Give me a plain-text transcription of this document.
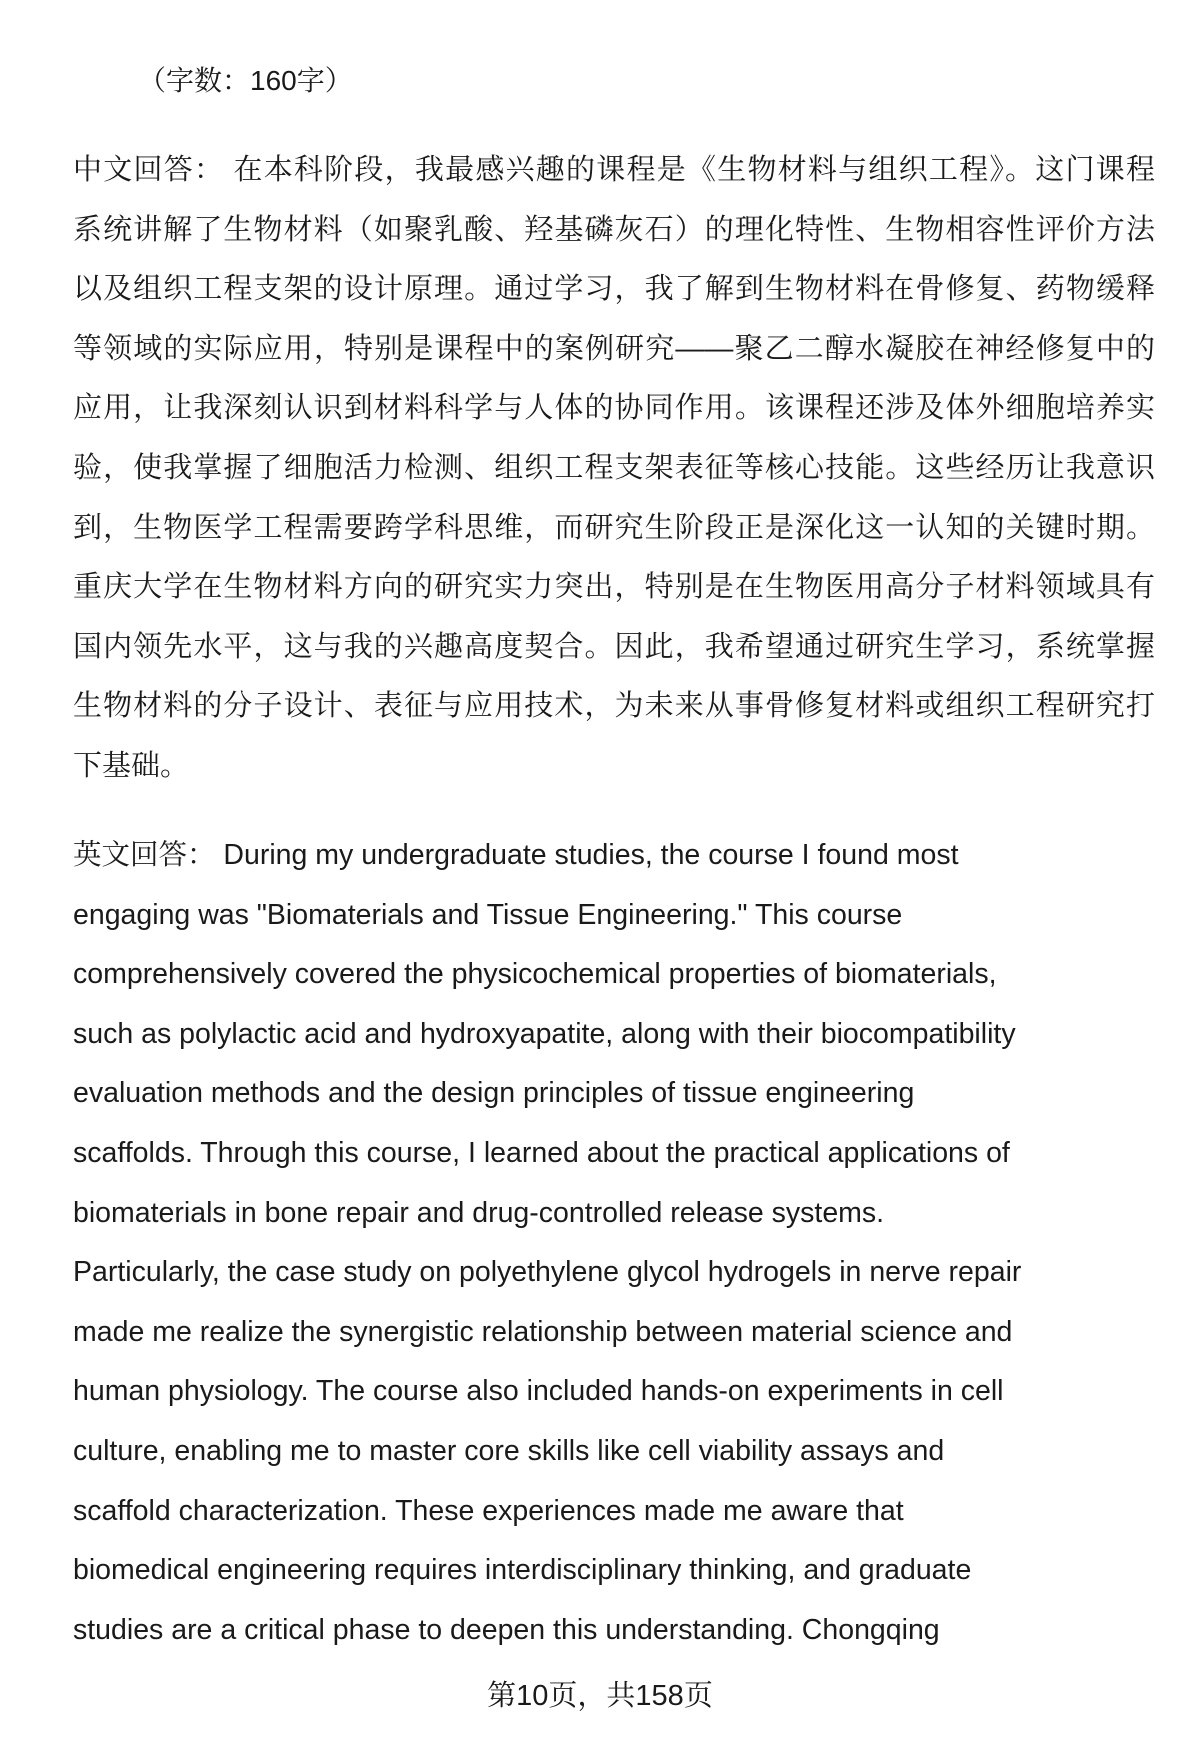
（字数：160字）
中文回答： 在本科阶段，我最感兴趣的课程是《生物材料与组织工程》。这门课程
系统讲解了生物材料（如聚乳酸、羟基磷灰石）的理化特性、生物相容性评价方法
以及组织工程支架的设计原理。通过学习，我了解到生物材料在骨修复、药物缓释
等领域的实际应用，特别是课程中的案例研究——聚乙二醇水凝胶在神经修复中的
应用，让我深刻认识到材料科学与人体的协同作用。该课程还涉及体外细胞培养实
验，使我掌握了细胞活力检测、组织工程支架表征等核心技能。这些经历让我意识
到，生物医学工程需要跨学科思维，而研究生阶段正是深化这一认知的关键时期。
重庆大学在生物材料方向的研究实力突出，特别是在生物医用高分子材料领域具有
国内领先水平，这与我的兴趣高度契合。因此，我希望通过研究生学习，系统掌握
生物材料的分子设计、表征与应用技术，为未来从事骨修复材料或组织工程研究打
下基础。
英文回答： During my undergraduate studies, the course I found most
engaging was "Biomaterials and Tissue Engineering." This course
comprehensively covered the physicochemical properties of biomaterials,
such as polylactic acid and hydroxyapatite, along with their biocompatibility
evaluation methods and the design principles of tissue engineering
scaffolds. Through this course, I learned about the practical applications of
biomaterials in bone repair and drug-controlled release systems.
Particularly, the case study on polyethylene glycol hydrogels in nerve repair
made me realize the synergistic relationship between material science and
human physiology. The course also included hands-on experiments in cell
culture, enabling me to master core skills like cell viability assays and
scaffold characterization. These experiences made me aware that
biomedical engineering requires interdisciplinary thinking, and graduate
studies are a critical phase to deepen this understanding. Chongqing
第10页，共158页
